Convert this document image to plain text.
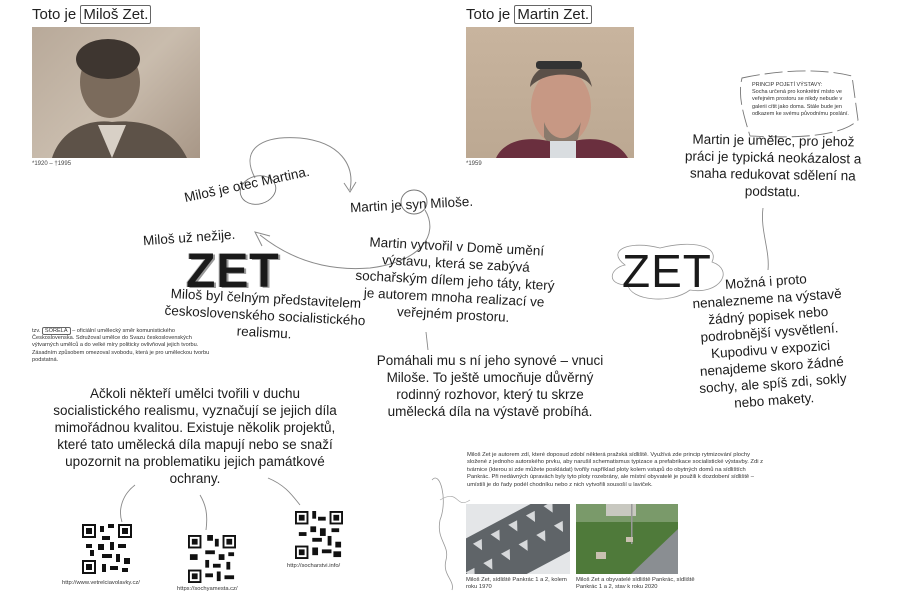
Toto je Miloš Zet.
*1920 – †1995
Toto je Martin Zet.
*1959
PRINCIP POJETÍ VÝSTAVY:
Socha určená pro konkrétní místo ve veřejném prostoru se nikdy nebude v galerii cítit jako doma. Stále bude jen odkazem ke svému původnímu poslání.
Miloš je otec Martina.	Martin je syn Miloše.
Miloš už nežije.
ZET
Miloš byl čelným představitelem československého socialistického realismu.
tzv. SORELA – oficiální umělecký směr komunistického Československa. Sdružoval umělce do Svazu československých výtvarných umělců a do velké míry politicky ovlivňoval jejich tvorbu. Zásadním způsobem omezoval svobodu, která je pro uměleckou tvorbu podstatná.
Martin vytvořil v Domě umění výstavu, která se zabývá sochařským dílem jeho táty, který je autorem mnoha realizací ve veřejném prostoru.
Pomáhali mu s ní jeho synové – vnuci Miloše. To ještě umocňuje důvěrný rodinný rozhovor, který tu skrze umělecká díla na výstavě probíhá.
Martin je umělec, pro jehož práci je typická neokázalost a snaha redukovat sdělení na podstatu.
ZET Možná i proto nenalezneme na výstavě žádný popisek nebo podrobnější vysvětlení. Kupodivu v expozici nenajdeme skoro žádné sochy, ale spíš zdi, sokly nebo makety.
Ačkoli někteří umělci tvořili v duchu socialistického realismu, vyznačují se jejich díla mimořádnou kvalitou. Existuje několik projektů, které tato umělecká díla mapují nebo se snaží upozornit na problematiku jejich památkové ochrany.
http://www.vetrelciavolavky.cz/
https://sochyamesta.cz/
http://socharstvi.info/
Miloš Zet je autorem zdí, které doposud zdobí některá pražská sídliště. Využívá zde princip rytmizování plochy složené z jednoho autorského prvku, aby narušil schematismus typizace a prefabrikace socialistické výstavby. Zdi z tvárnice (kterou si zde můžete poskládat) tvořily například ploty kolem vstupů do obytných domů na sídlištích Pankrác. Při nedávných úpravách byly tyto ploty rozebrány, ale místní obyvatelé je použili k dozdobení sídliště – umístili je do řady podél chodníku nebo z nich vytvořili sousoší u laviček.
Miloš Zet, sídliště Pankrác 1 a 2, kolem roku 1970
Miloš Zet a obyvatelé sídliště Pankrác, sídliště Pankrác 1 a 2, stav k roku 2020
